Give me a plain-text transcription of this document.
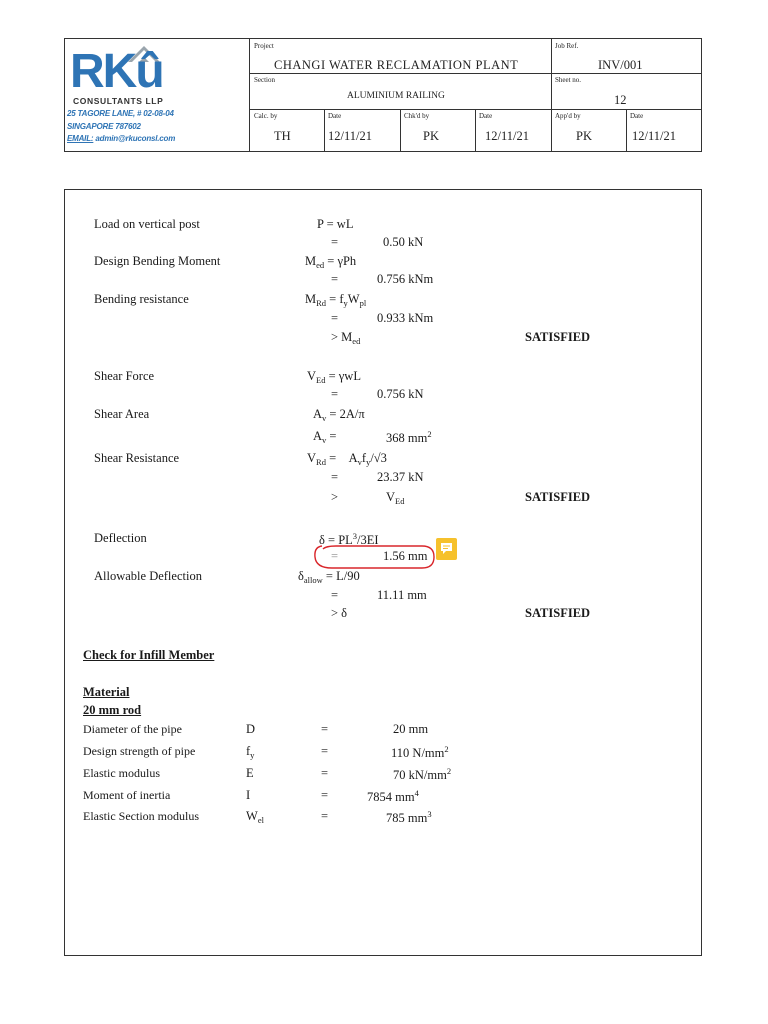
RKû
CONSULTANTS LLP
25 TAGORE LANE, # 02-08-04
SINGAPORE 787602
EMAIL: admin@rkuconsl.com
Project
CHANGI WATER RECLAMATION PLANT
Job Ref.
INV/001
Section
ALUMINIUM RAILING
Sheet no.
12
Calc. by
TH
Date
12/11/21
Chk'd by
PK
Date
12/11/21
App'd by
PK
Date
12/11/21
Load on vertical post	P = wL
=	0.50 kN
Design Bending Moment	$M_{ed} = \gamma Ph$
=	0.756 kNm
Bending resistance	$M_{Rd} = f_yW_{pl}$
=	0.933 kNm
> $M_{ed}$	SATISFIED
Shear Force	$V_{Ed} = \gamma wL$
=	0.756 kN
Shear Area	$A_v = 2A/\pi$
$A_v$ =	368 $mm^2$
Shear Resistance	$V_{Rd}$ =    $A_vf_y/√3$
=	23.37 kN
>	$V_{Ed}$	SATISFIED
Deflection	$\delta = PL^3/3EI$
=	1.56 mm
Allowable Deflection	$\delta_{allow} = L/90$
=	11.11 mm
> δ	SATISFIED
Check for Infill Member
Material
20 mm rod
Diameter of the pipe	D	=	20 mm
Design strength of pipe	$f_y$	=	110 $N/mm^2$
Elastic modulus	E	=	70 $kN/mm^2$
Moment of inertia	I	=	7854 $mm^4$
Elastic Section modulus	$W_{el}$	=	785 $mm^3$
